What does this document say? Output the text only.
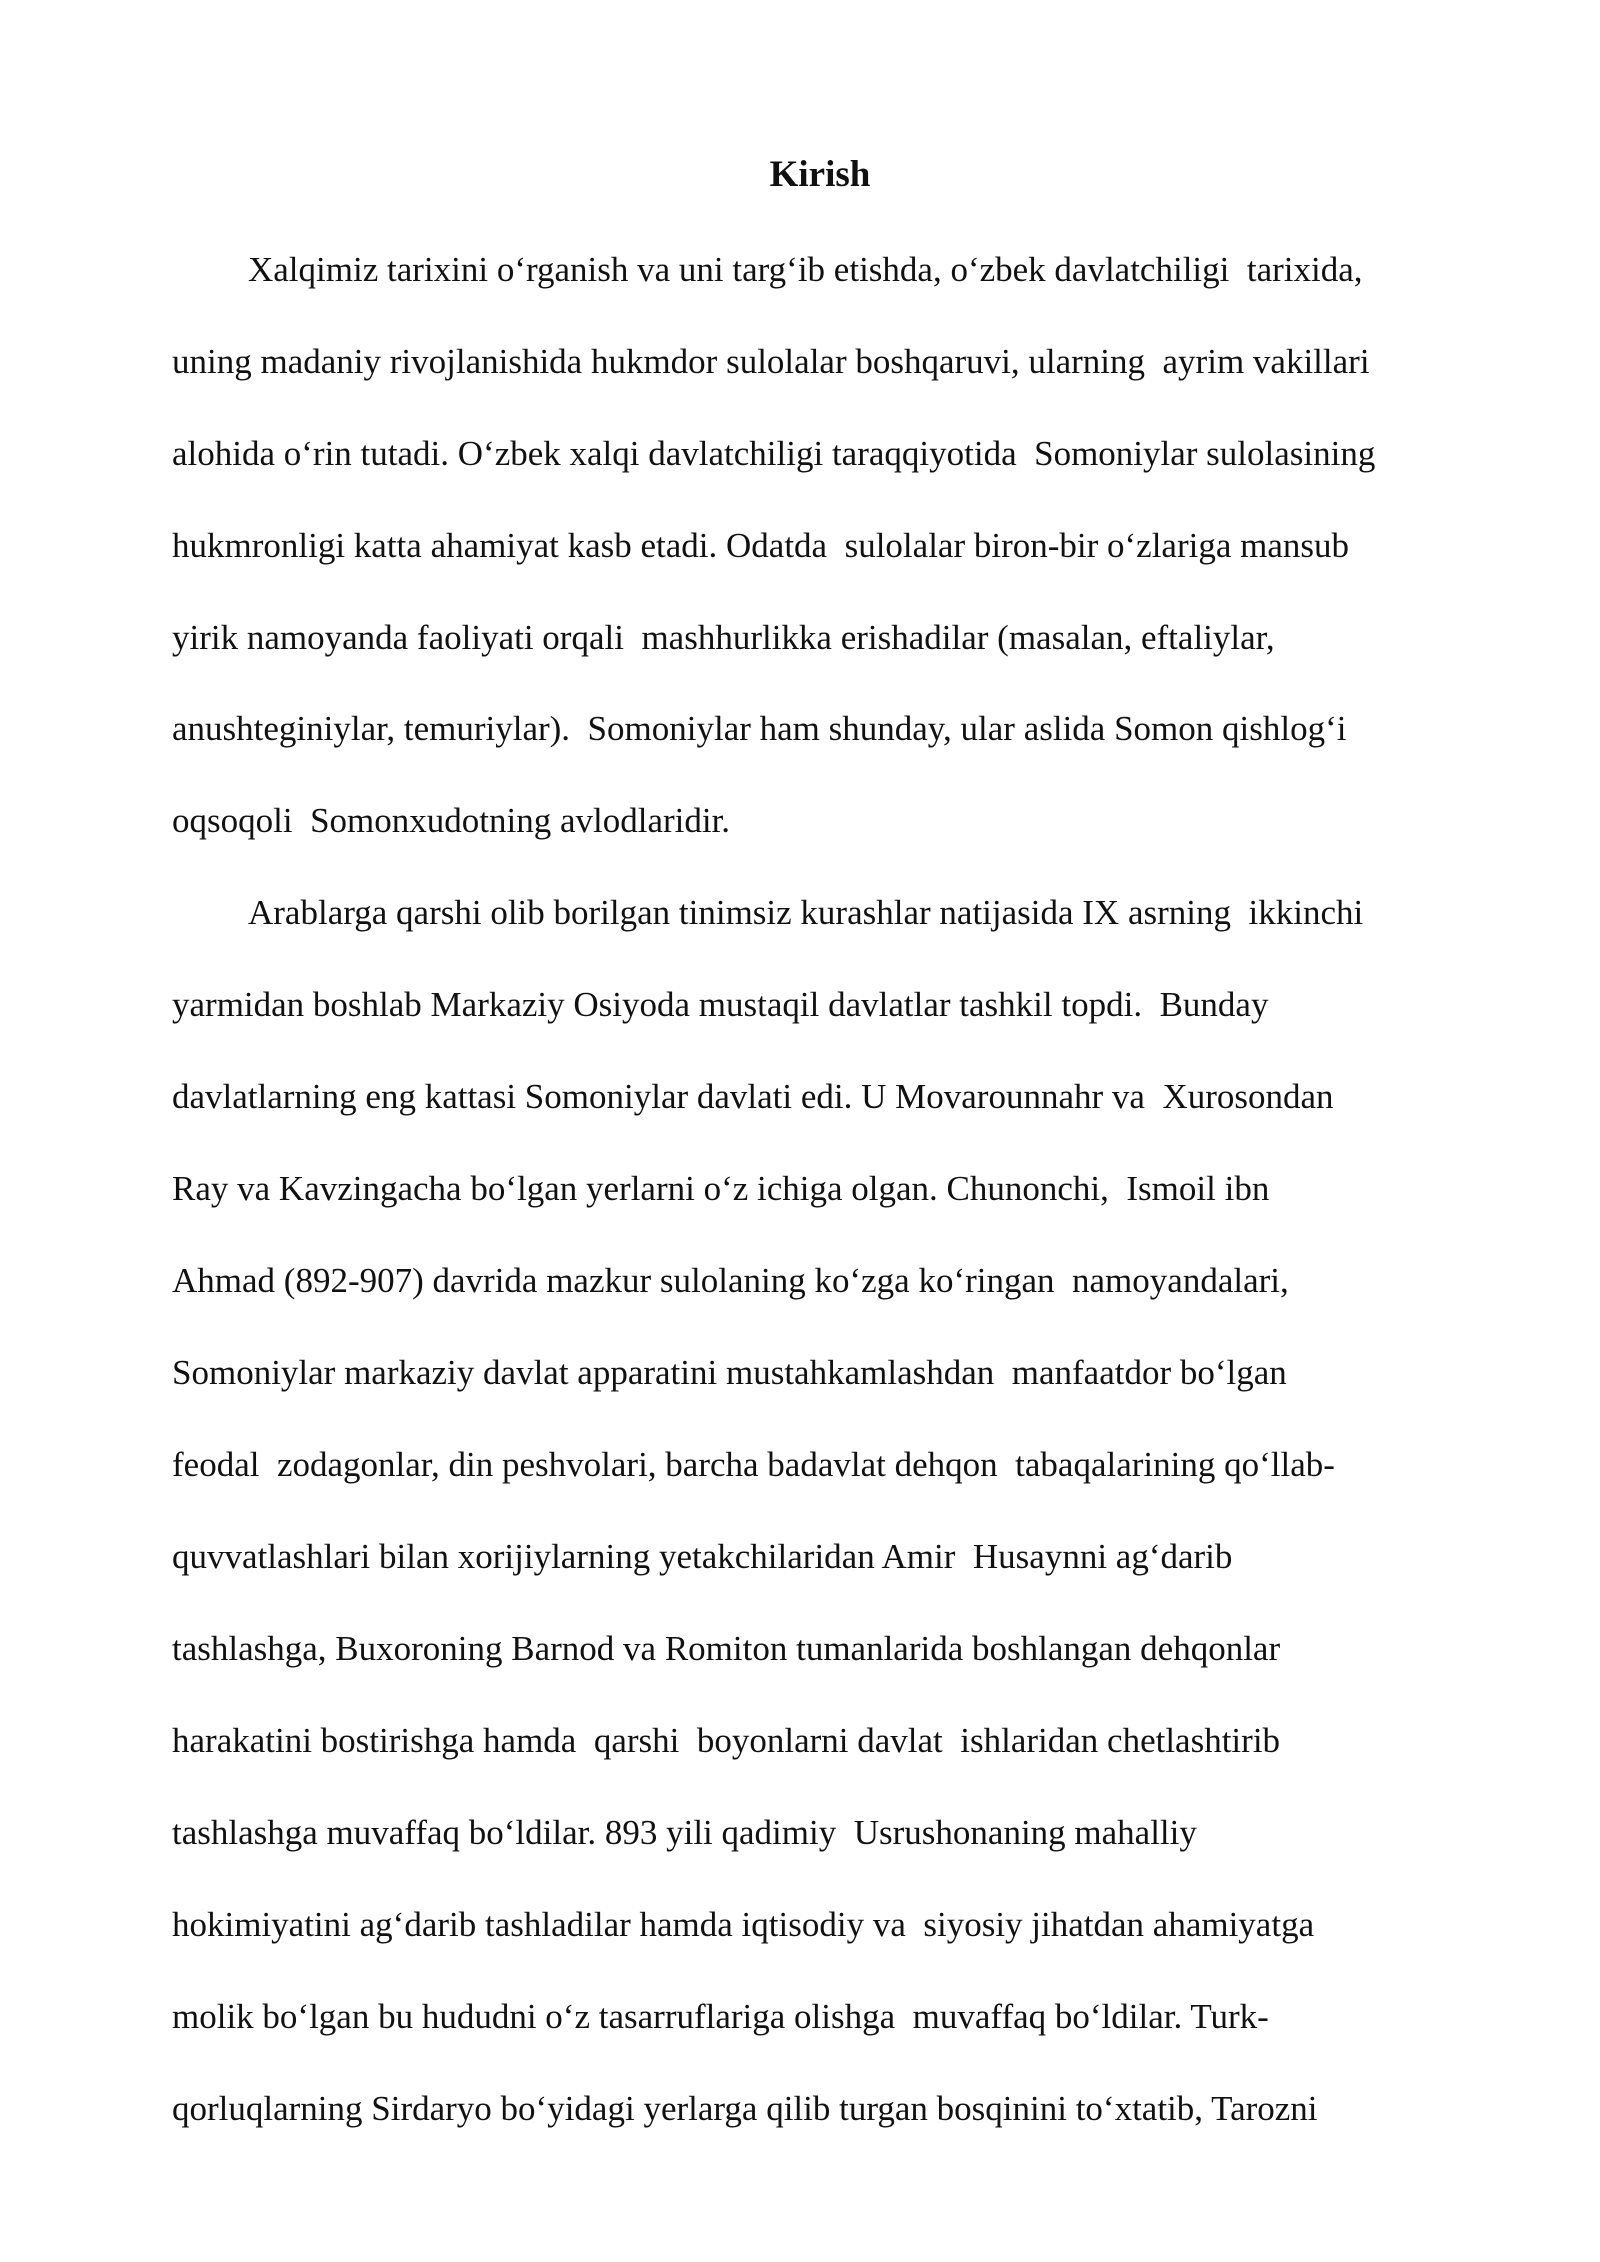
Kirish
Xalqimiz tarixini oʻrganish va uni targʻib etishda, oʻzbek davlatchiligi  tarixida,
uning madaniy rivojlanishida hukmdor sulolalar boshqaruvi, ularning  ayrim vakillari
alohida oʻrin tutadi. Oʻzbek xalqi davlatchiligi taraqqiyotida  Somoniylar sulolasining
hukmronligi katta ahamiyat kasb etadi. Odatda  sulolalar biron-bir oʻzlariga mansub
yirik namoyanda faoliyati orqali  mashhurlikka erishadilar (masalan, eftaliylar,
anushteginiylar, temuriylar).  Somoniylar ham shunday, ular aslida Somon qishlogʻi
oqsoqoli  Somonxudotning avlodlaridir.
Arablarga qarshi olib borilgan tinimsiz kurashlar natijasida IX asrning  ikkinchi
yarmidan boshlab Markaziy Osiyoda mustaqil davlatlar tashkil topdi.  Bunday
davlatlarning eng kattasi Somoniylar davlati edi. U Movarounnahr va  Xurosondan
Ray va Kavzingacha boʻlgan yerlarni oʻz ichiga olgan. Chunonchi,  Ismoil ibn
Ahmad (892-907) davrida mazkur sulolaning koʻzga koʻringan  namoyandalari,
Somoniylar markaziy davlat apparatini mustahkamlashdan  manfaatdor boʻlgan
feodal  zodagonlar, din peshvolari, barcha badavlat dehqon  tabaqalarining qoʻllab-
quvvatlashlari bilan xorijiylarning yetakchilaridan Amir  Husaynni agʻdarib
tashlashga, Buxoroning Barnod va Romiton tumanlarida boshlangan dehqonlar
harakatini bostirishga hamda  qarshi  boyonlarni davlat  ishlaridan chetlashtirib
tashlashga muvaffaq boʻldilar. 893 yili qadimiy  Usrushonaning mahalliy
hokimiyatini agʻdarib tashladilar hamda iqtisodiy va  siyosiy jihatdan ahamiyatga
molik boʻlgan bu hududni oʻz tasarruflariga olishga  muvaffaq boʻldilar. Turk-
qorluqlarning Sirdaryo boʻyidagi yerlarga qilib turgan bosqinini toʻxtatib, Tarozni
